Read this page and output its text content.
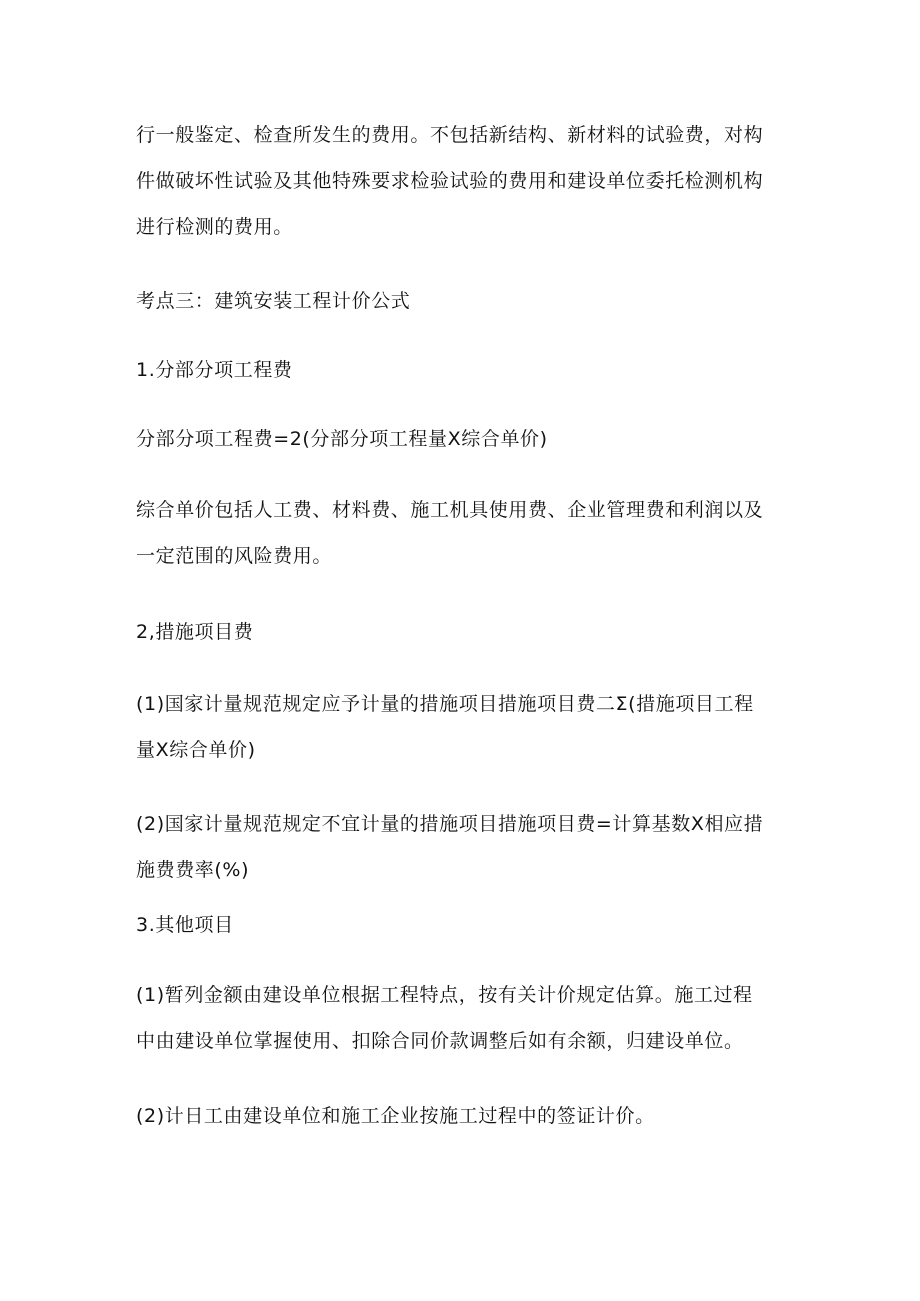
行一般鉴定、检查所发生的费用。不包括新结构、新材料的试验费，对构
件做破坏性试验及其他特殊要求检验试验的费用和建设单位委托检测机构
进行检测的费用。
考点三：建筑安装工程计价公式
1.分部分项工程费
分部分项工程费=2(分部分项工程量X综合单价)
综合单价包括人工费、材料费、施工机具使用费、企业管理费和利润以及
一定范围的风险费用。
2,措施项目费
(1)国家计量规范规定应予计量的措施项目措施项目费二Σ(措施项目工程
量X综合单价)
(2)国家计量规范规定不宜计量的措施项目措施项目费=计算基数X相应措
施费费率(%)
3.其他项目
(1)暂列金额由建设单位根据工程特点，按有关计价规定估算。施工过程
中由建设单位掌握使用、扣除合同价款调整后如有余额，归建设单位。
(2)计日工由建设单位和施工企业按施工过程中的签证计价。
